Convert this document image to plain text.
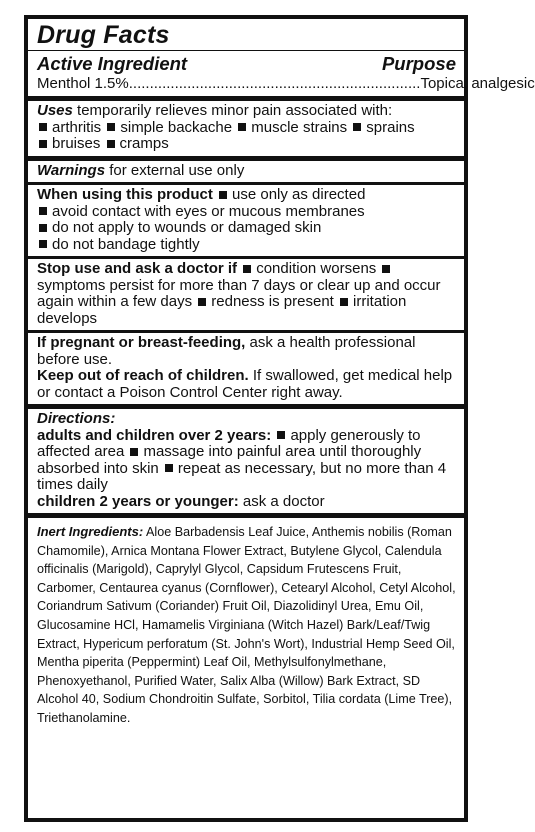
Drug Facts
Active Ingredient	Purpose
Menthol 1.5% ...................................................................... Topical analgesic
Uses temporarily relieves minor pain associated with:
arthritis simple backache muscle strains sprains
bruises cramps
Warnings for external use only
When using this product use only as directed
avoid contact with eyes or mucous membranes
do not apply to wounds or damaged skin
do not bandage tightly
Stop use and ask a doctor if condition worsens symptoms persist for more than 7 days or clear up and occur again within a few days redness is present irritation develops

If pregnant or breast-feeding, ask a health professional before use.

Keep out of reach of children. If swallowed, get medical help or contact a Poison Control Center right away.

Directions:
adults and children over 2 years: apply generously to affected area massage into painful area until thoroughly absorbed into skin repeat as necessary, but no more than 4 times daily
children 2 years or younger: ask a doctor
Inert Ingredients: Aloe Barbadensis Leaf Juice, Anthemis nobilis (Roman Chamomile), Arnica Montana Flower Extract, Butylene Glycol, Calendula officinalis (Marigold), Caprylyl Glycol, Capsidum Frutescens Fruit, Carbomer, Centaurea cyanus (Cornflower), Cetearyl Alcohol, Cetyl Alcohol, Coriandrum Sativum (Coriander) Fruit Oil, Diazolidinyl Urea, Emu Oil, Glucosamine HCl, Hamamelis Virginiana (Witch Hazel) Bark/Leaf/Twig Extract, Hypericum perforatum (St. John's Wort), Industrial Hemp Seed Oil, Mentha piperita (Peppermint) Leaf Oil, Methylsulfonylmethane, Phenoxyethanol, Purified Water, Salix Alba (Willow) Bark Extract, SD Alcohol 40, Sodium Chondroitin Sulfate, Sorbitol, Tilia cordata (Lime Tree), Triethanolamine.
